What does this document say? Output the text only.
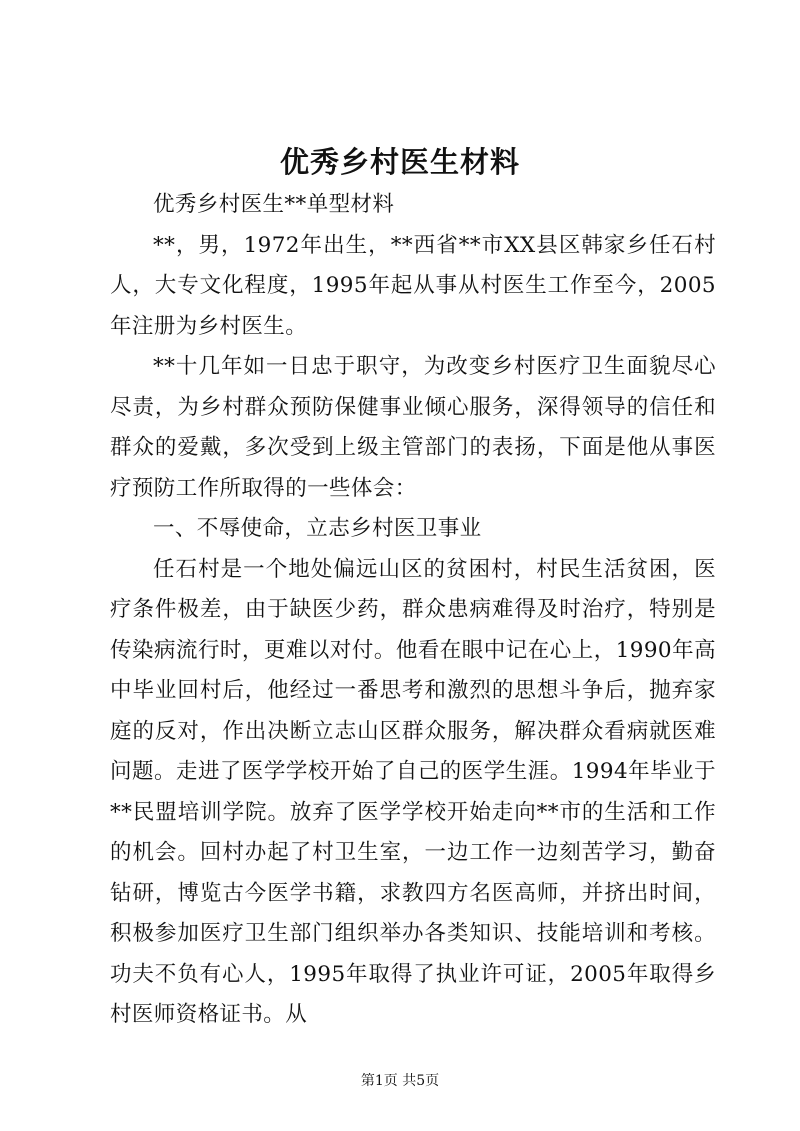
优秀乡村医生材料

优秀乡村医生**单型材料

**，男，1972年出生，**西省**市XX县区韩家乡任石村人，大专文化程度，1995年起从事从村医生工作至今，2005年注册为乡村医生。

**十几年如一日忠于职守，为改变乡村医疗卫生面貌尽心尽责，为乡村群众预防保健事业倾心服务，深得领导的信任和群众的爱戴，多次受到上级主管部门的表扬，下面是他从事医疗预防工作所取得的一些体会：

一、不辱使命，立志乡村医卫事业

任石村是一个地处偏远山区的贫困村，村民生活贫困，医疗条件极差，由于缺医少药，群众患病难得及时治疗，特别是传染病流行时，更难以对付。他看在眼中记在心上，1990年高中毕业回村后，他经过一番思考和激烈的思想斗争后，抛弃家庭的反对，作出决断立志山区群众服务，解决群众看病就医难问题。走进了医学学校开始了自己的医学生涯。1994年毕业于**民盟培训学院。放弃了医学学校开始走向**市的生活和工作的机会。回村办起了村卫生室，一边工作一边刻苦学习，勤奋钻研，博览古今医学书籍，求教四方名医高师，并挤出时间，积极参加医疗卫生部门组织举办各类知识、技能培训和考核。功夫不负有心人，1995年取得了执业许可证，2005年取得乡村医师资格证书。从

第1页 共5页
